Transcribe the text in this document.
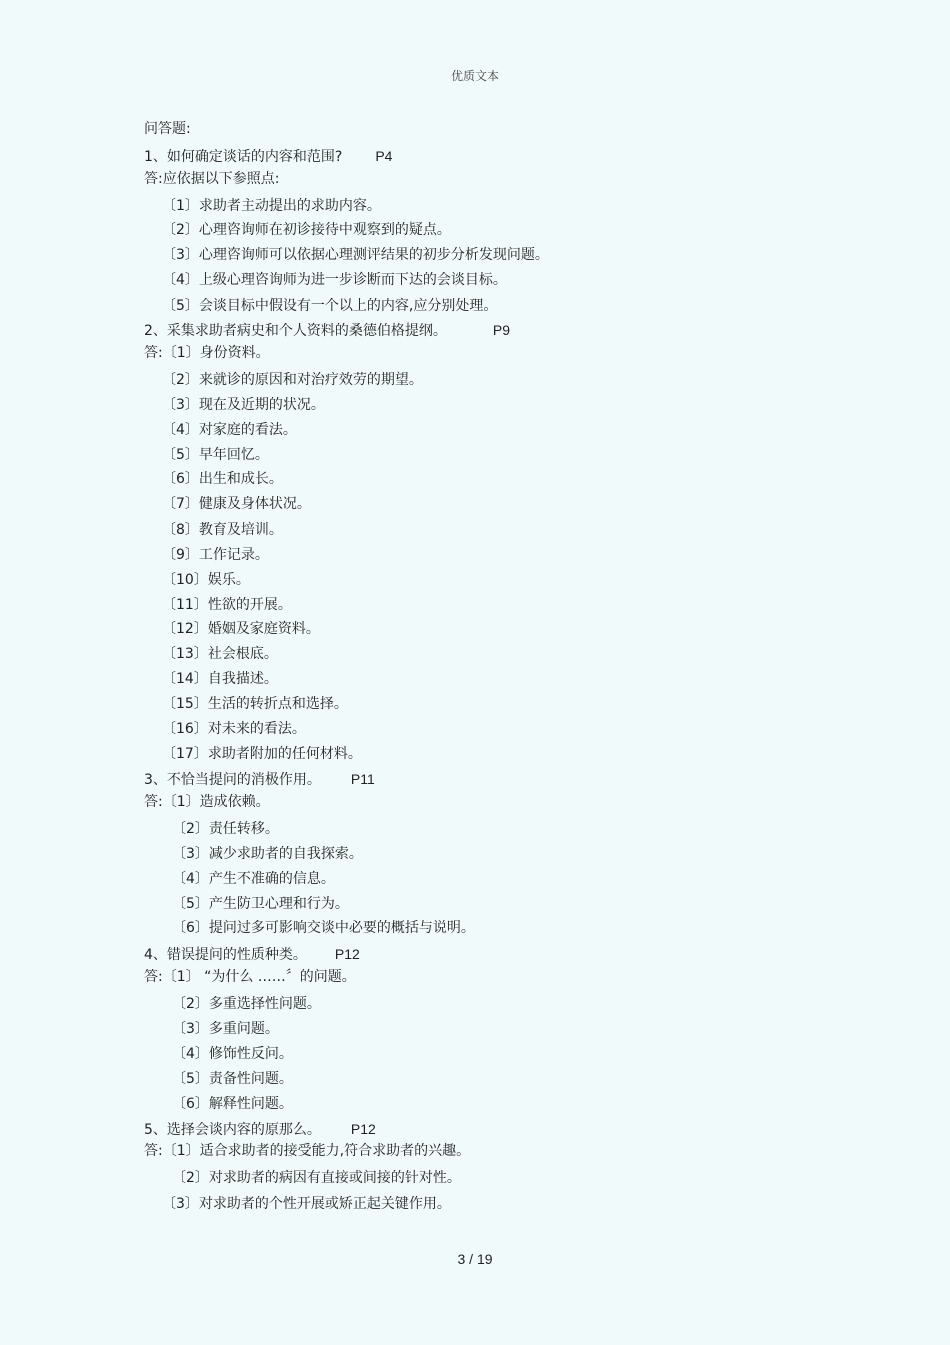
优质文本
问答题:
1、如何确定谈话的内容和范围? P4
答:应依据以下参照点:
〔1〕求助者主动提出的求助内容。
〔2〕心理咨询师在初诊接待中观察到的疑点。
〔3〕心理咨询师可以依据心理测评结果的初步分析发现问题。
〔4〕上级心理咨询师为进一步诊断而下达的会谈目标。
〔5〕会谈目标中假设有一个以上的内容,应分别处理。
2、采集求助者病史和个人资料的桑德伯格提纲。	P9
答:〔1〕身份资料。
〔2〕来就诊的原因和对治疗效劳的期望。
〔3〕现在及近期的状况。
〔4〕对家庭的看法。
〔5〕早年回忆。
〔6〕出生和成长。
〔7〕健康及身体状况。
〔8〕教育及培训。
〔9〕工作记录。
〔10〕娱乐。
〔11〕性欲的开展。
〔12〕婚姻及家庭资料。
〔13〕社会根底。
〔14〕自我描述。
〔15〕生活的转折点和选择。
〔16〕对未来的看法。
〔17〕求助者附加的任何材料。
3、不恰当提问的消极作用。 P11
答:〔1〕造成依赖。
〔2〕责任转移。
〔3〕减少求助者的自我探索。
〔4〕产生不准确的信息。
〔5〕产生防卫心理和行为。
〔6〕提问过多可影响交谈中必要的概括与说明。
4、错误提问的性质种类。 P12
答:〔1〕 “为什么 ……〞的问题。
〔2〕多重选择性问题。
〔3〕多重问题。
〔4〕修饰性反问。
〔5〕责备性问题。
〔6〕解释性问题。
5、选择会谈内容的原那么。 P12
答:〔1〕适合求助者的接受能力,符合求助者的兴趣。
〔2〕对求助者的病因有直接或间接的针对性。
〔3〕对求助者的个性开展或矫正起关键作用。
3 / 19
